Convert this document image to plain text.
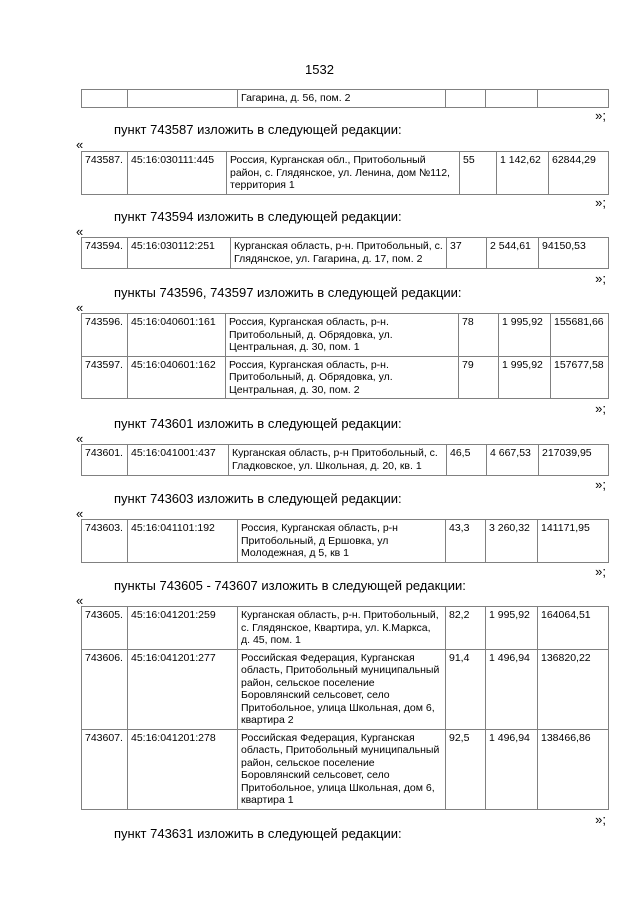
1532
		Гагарина, д. 56, пом. 2			
»;
пункт 743587 изложить в следующей редакции:
«
743587.	45:16:030111:445	Россия, Курганская обл., Притобольный район, с. Глядянское, ул. Ленина, дом №112, территория 1	55	1 142,62	62844,29
»;
пункт 743594 изложить в следующей редакции:
«
743594.	45:16:030112:251	Курганская область, р-н. Притобольный, с. Глядянское, ул. Гагарина, д. 17, пом. 2	37	2 544,61	94150,53
»;
пункты 743596, 743597 изложить в следующей редакции:
«
743596.	45:16:040601:161	Россия, Курганская область, р-н. Притобольный, д. Обрядовка, ул. Центральная, д. 30, пом. 1	78	1 995,92	155681,66
743597.	45:16:040601:162	Россия, Курганская область, р-н. Притобольный, д. Обрядовка, ул. Центральная, д. 30, пом. 2	79	1 995,92	157677,58
»;
пункт 743601 изложить в следующей редакции:
«
743601.	45:16:041001:437	Курганская область, р-н Притобольный, с. Гладковское, ул. Школьная, д. 20, кв. 1	46,5	4 667,53	217039,95
»;
пункт 743603 изложить в следующей редакции:
«
743603.	45:16:041101:192	Россия, Курганская область, р-н Притобольный, д Ершовка, ул Молодежная, д 5, кв 1	43,3	3 260,32	141171,95
»;
пункты 743605 - 743607 изложить в следующей редакции:
«
743605.	45:16:041201:259	Курганская область, р-н. Притобольный, с. Глядянское, Квартира, ул. К.Маркса, д. 45, пом. 1	82,2	1 995,92	164064,51
743606.	45:16:041201:277	Российская Федерация, Курганская область, Притобольный муниципальный район, сельское поселение Боровлянский сельсовет, село Притобольное, улица Школьная, дом 6, квартира 2	91,4	1 496,94	136820,22
743607.	45:16:041201:278	Российская Федерация, Курганская область, Притобольный муниципальный район, сельское поселение Боровлянский сельсовет, село Притобольное, улица Школьная, дом 6, квартира 1	92,5	1 496,94	138466,86
»;
пункт 743631 изложить в следующей редакции:
